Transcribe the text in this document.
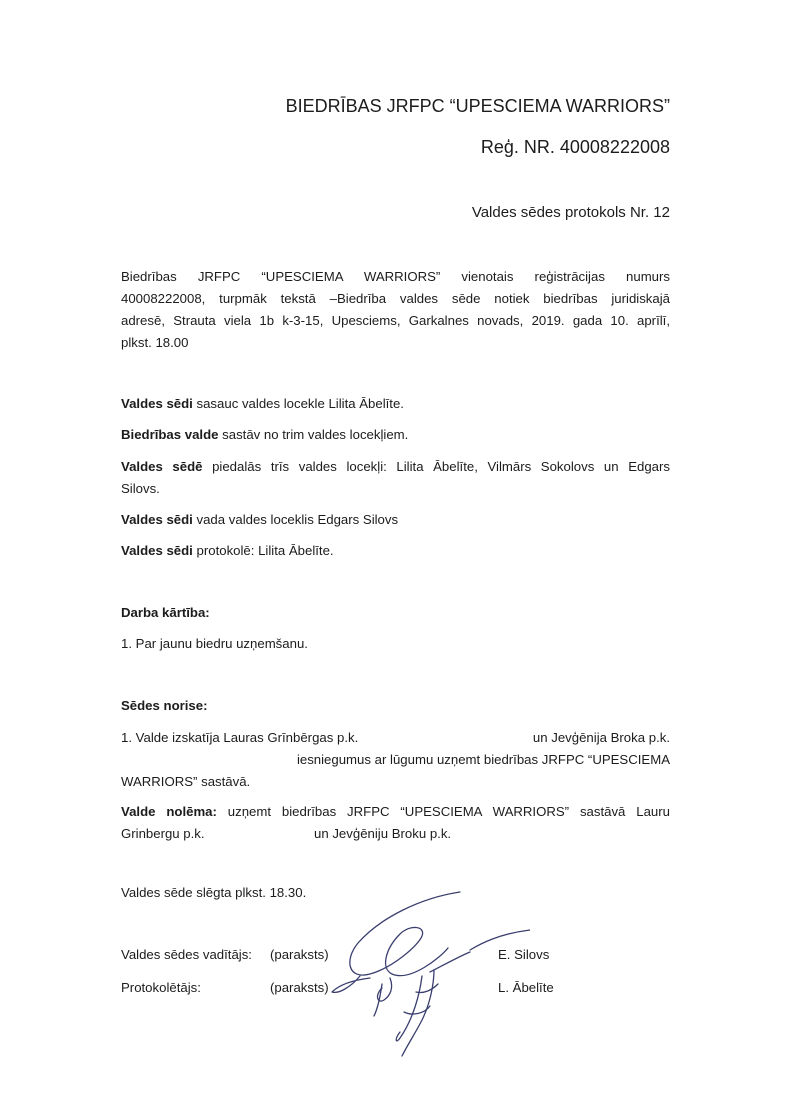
BIEDRĪBAS JRFPC “UPESCIEMA WARRIORS”
Reģ. NR. 40008222008
Valdes sēdes protokols Nr. 12
Biedrības JRFPC “UPESCIEMA WARRIORS” vienotais reģistrācijas numurs
40008222008, turpmāk tekstā –Biedrība valdes sēde notiek biedrības juridiskajā
adresē, Strauta viela 1b k-3-15, Upesciems, Garkalnes novads, 2019. gada 10. aprīlī,
plkst. 18.00
Valdes sēdi sasauc valdes locekle Lilita Ābelīte.
Biedrības valde sastāv no trim valdes locekļiem.
Valdes sēdē piedalās trīs valdes locekļi: Lilita Ābelīte, Vilmārs Sokolovs un Edgars
Silovs.
Valdes sēdi vada valdes loceklis Edgars Silovs
Valdes sēdi protokolē: Lilita Ābelīte.
Darba kārtība:
1. Par jaunu biedru uzņemšanu.
Sēdes norise:
1. Valde izskatīja Lauras Grīnbērgas p.k.	un Jevģēnija Broka p.k.
iesniegumus ar lūgumu uzņemt biedrības JRFPC “UPESCIEMA
WARRIORS” sastāvā.
Valde nolēma: uzņemt biedrības JRFPC “UPESCIEMA WARRIORS” sastāvā Lauru
Grinbergu p.k.	un Jevģēniju Broku p.k.
Valdes sēde slēgta plkst. 18.30.
Valdes sēdes vadītājs: (paraksts)	E. Silovs
Protokolētājs:	(paraksts)	L. Ābelīte
